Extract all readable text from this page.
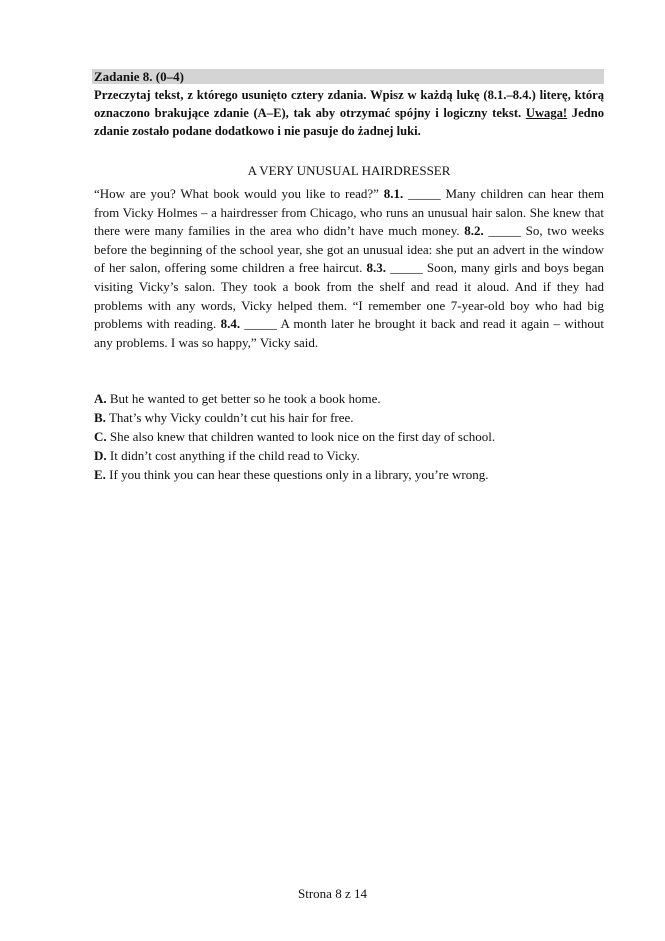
Zadanie 8. (0–4)
Przeczytaj tekst, z którego usunięto cztery zdania. Wpisz w każdą lukę (8.1.–8.4.) literę, którą oznaczono brakujące zdanie (A–E), tak aby otrzymać spójny i logiczny tekst. Uwaga! Jedno zdanie zostało podane dodatkowo i nie pasuje do żadnej luki.
A VERY UNUSUAL HAIRDRESSER
“How are you? What book would you like to read?” 8.1. _____ Many children can hear them from Vicky Holmes – a hairdresser from Chicago, who runs an unusual hair salon. She knew that there were many families in the area who didn’t have much money. 8.2. _____ So, two weeks before the beginning of the school year, she got an unusual idea: she put an advert in the window of her salon, offering some children a free haircut. 8.3. _____ Soon, many girls and boys began visiting Vicky’s salon. They took a book from the shelf and read it aloud. And if they had problems with any words, Vicky helped them. “I remember one 7-year-old boy who had big problems with reading. 8.4. _____ A month later he brought it back and read it again – without any problems. I was so happy,” Vicky said.
A. But he wanted to get better so he took a book home.
B. That’s why Vicky couldn’t cut his hair for free.
C. She also knew that children wanted to look nice on the first day of school.
D. It didn’t cost anything if the child read to Vicky.
E. If you think you can hear these questions only in a library, you’re wrong.
Strona 8 z 14
